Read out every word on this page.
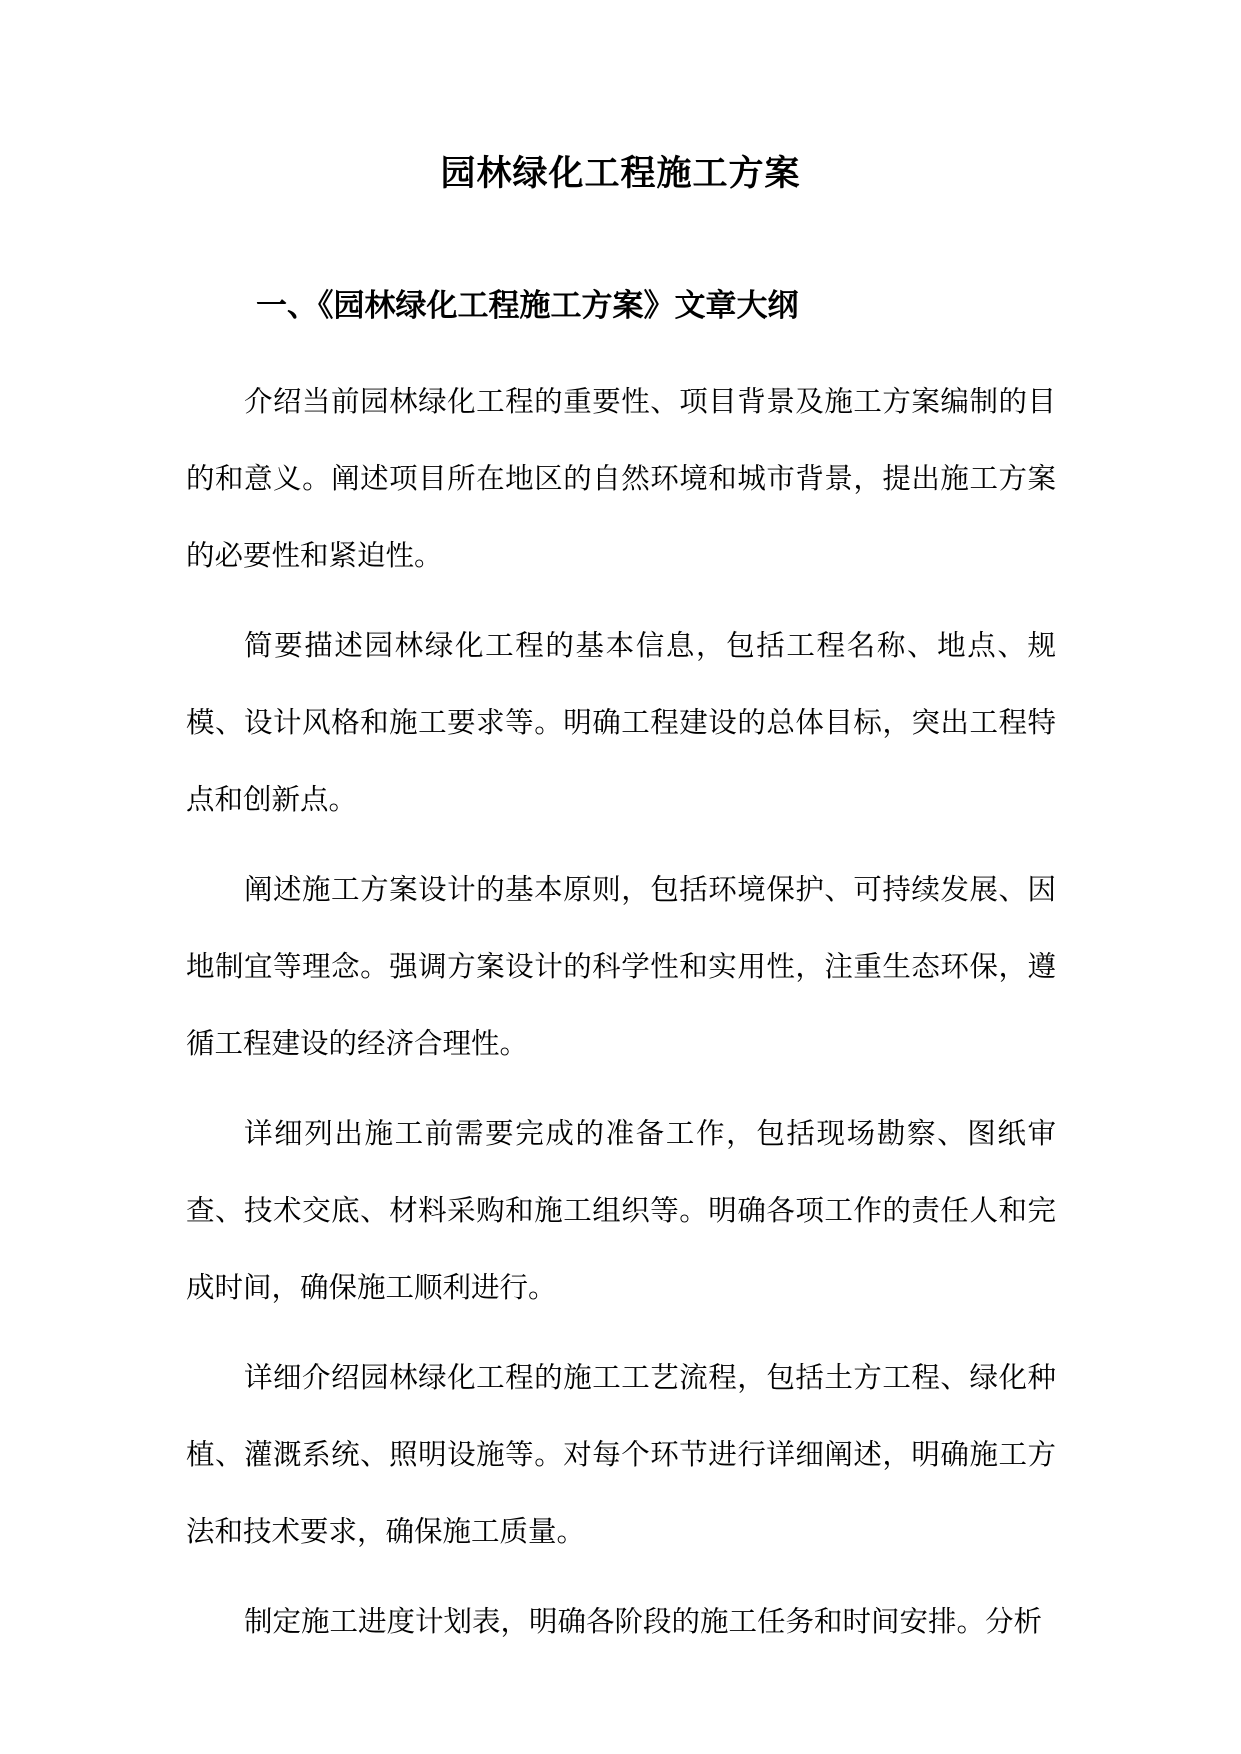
园林绿化工程施工方案
一、《园林绿化工程施工方案》文章大纲

介绍当前园林绿化工程的重要性、项目背景及施工方案编制的目的和意义。阐述项目所在地区的自然环境和城市背景，提出施工方案的必要性和紧迫性。

简要描述园林绿化工程的基本信息，包括工程名称、地点、规模、设计风格和施工要求等。明确工程建设的总体目标，突出工程特点和创新点。

阐述施工方案设计的基本原则，包括环境保护、可持续发展、因地制宜等理念。强调方案设计的科学性和实用性，注重生态环保，遵循工程建设的经济合理性。

详细列出施工前需要完成的准备工作，包括现场勘察、图纸审查、技术交底、材料采购和施工组织等。明确各项工作的责任人和完成时间，确保施工顺利进行。

详细介绍园林绿化工程的施工工艺流程，包括土方工程、绿化种植、灌溉系统、照明设施等。对每个环节进行详细阐述，明确施工方法和技术要求，确保施工质量。

制定施工进度计划表，明确各阶段的施工任务和时间安排。分析
